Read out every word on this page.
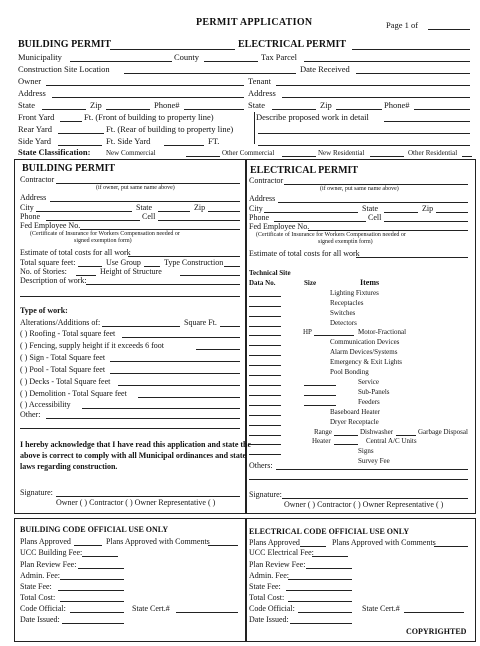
PERMIT APPLICATION	Page 1 of
BUILDING PERMIT	ELECTRICAL PERMIT
Municipality	County	Tax Parcel
Construction Site Location	Date Received
Owner	Tenant
Address	Address
State	Zip	Phone#	State	Zip	Phone#
Front Yard	Ft. (Front of building to property line)	Describe proposed work in detail
Rear Yard	Ft. (Rear of building to property line)
Side Yard	Ft. Side Yard	FT.
State Classification: New Commercial	Other Commercial	New Residential	Other Residential
BUILDING PERMIT
Contractor
(if owner, put same name above)
Address
City	State	Zip
Phone	Cell
Fed Employee No.
(Certificate of Insurance for Workers Compensation needed or
signed exemption form)
Estimate of total costs for all work
Total square feet:	Use Group	Type Construction
No. of Stories:	Height of Structure
Description of work:
Type of work:
Alterations/Additions of:	Square Ft.
( ) Roofing - Total square feet
( ) Fencing, supply height if it exceeds 6 foot
( ) Sign - Total Square feet
( ) Pool - Total Square feet
( ) Decks - Total Square feet
( ) Demolition - Total Square feet
( ) Accessibility
Other:
I hereby acknowledge that I have read this application and state the
above is correct to comply with all Municipal ordinances and state
laws regarding construction.
Signature:
Owner ( ) Contractor ( ) Owner Representative ( )
ELECTRICAL PERMIT
Contractor
(if owner, put same name above)
Address
City	State	Zip
Phone	Cell
Fed Employee No.
(Certificate of Insurance for Workers Compensation needed or
signed exemptìn form)
Estimate of total costs for all work
Technical Site
Data No.	Size	Items
Lighting Fixtures
Receptacles
Switches
Detectors
HP	Motor-Fractional
Communication Devices
Alarm Devices/Systems
Emergency & Exit Lights
Pool Bonding
Service
Sub-Panels
Feeders
Baseboard Heater
Dryer Receptacle
Range	Dishwasher	Garbage Disposal
Heater	Central A/C Units
Signs
Survey Fee
Others:
Signature:
Owner ( ) Contractor ( ) Owner Representative ( )
BUILDING CODE OFFICIAL USE ONLY
Plans Approved	Plans Approved with Comments
UCC Building Fee:
Plan Review Fee:
Admin. Fee:
State Fee:
Total Cost:
Code Official:	State Cert.#
Date Issued:
ELECTRICAL CODE OFFICIAL USE ONLY
Plans Approved	Plans Approved with Comments
UCC Electrical Fee:
Plan Review Fee:
Admin. Fee:
State Fee:
Total Cost:
Code Official:	State Cert.#
Date Issued:
COPYRIGHTED
